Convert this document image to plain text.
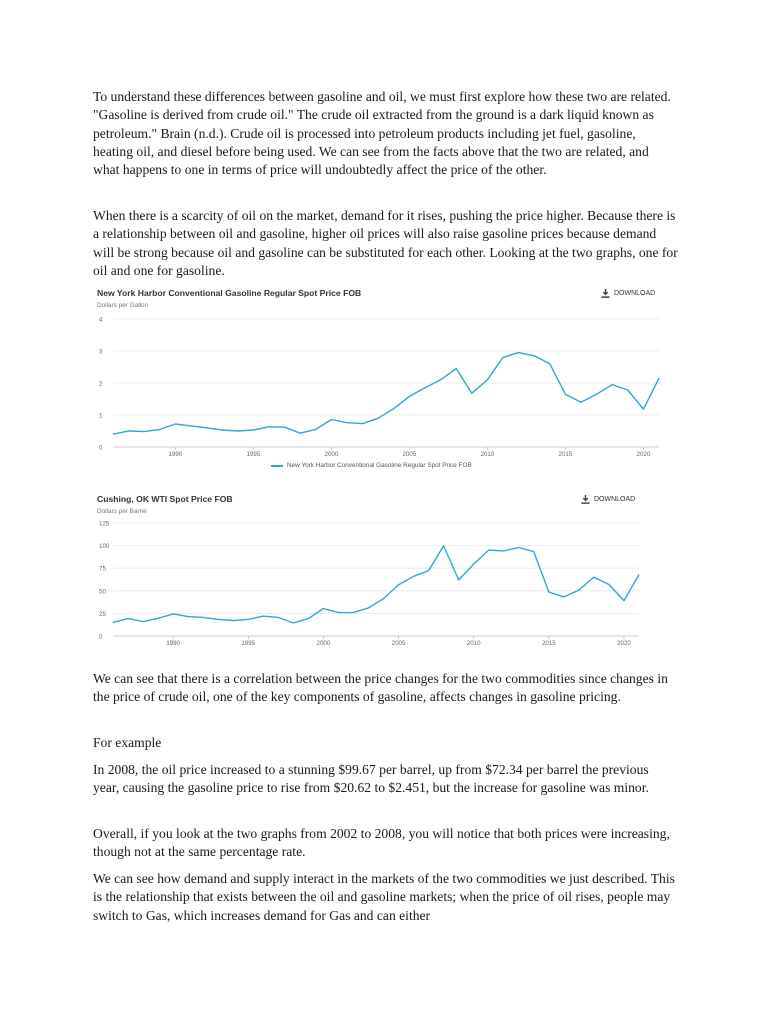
To understand these differences between gasoline and oil, we must first explore how these two are related. "Gasoline is derived from crude oil." The crude oil extracted from the ground is a dark liquid known as petroleum." Brain (n.d.). Crude oil is processed into petroleum products including jet fuel, gasoline, heating oil, and diesel before being used. We can see from the facts above that the two are related, and what happens to one in terms of price will undoubtedly affect the price of the other.

When there is a scarcity of oil on the market, demand for it rises, pushing the price higher. Because there is a relationship between oil and gasoline, higher oil prices will also raise gasoline prices because demand will be strong because oil and gasoline can be substituted for each other. Looking at the two graphs, one for oil and one for gasoline.

New York Harbor Conventional Gasoline Regular Spot Price FOB
Dollars per Gallon
DOWNLOAD
0
1
2
3
4
1990	1995	2000	2005	2010	2015	2020
New York Harbor Conventional Gasoline Regular Spot Price FOB
Cushing, OK WTI Spot Price FOB
Dollars per Barrel
DOWNLOAD
0
25
50
75
100
125
1990	1995	2000	2005	2010	2015	2020

We can see that there is a correlation between the price changes for the two commodities since changes in the price of crude oil, one of the key components of gasoline, affects changes in gasoline pricing.

For example

In 2008, the oil price increased to a stunning $99.67 per barrel, up from $72.34 per barrel the previous year, causing the gasoline price to rise from $20.62 to $2.451, but the increase for gasoline was minor.

Overall, if you look at the two graphs from 2002 to 2008, you will notice that both prices were increasing, though not at the same percentage rate.

We can see how demand and supply interact in the markets of the two commodities we just described. This is the relationship that exists between the oil and gasoline markets; when the price of oil rises, people may switch to Gas, which increases demand for Gas and can either
